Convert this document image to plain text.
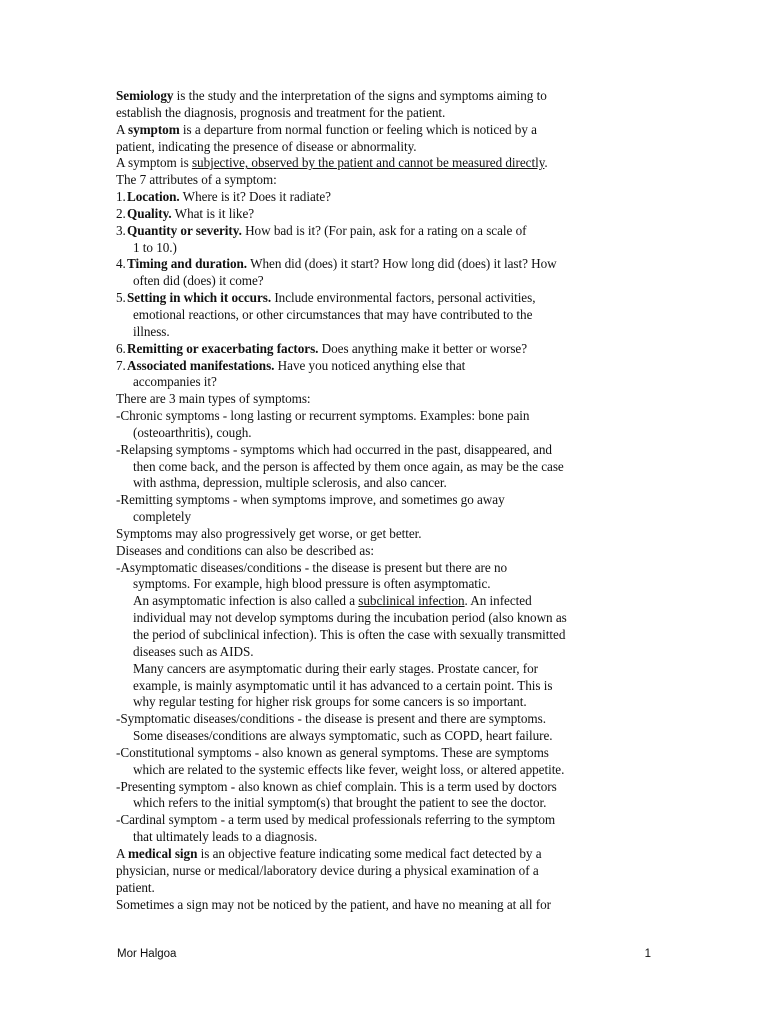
Semiology is the study and the interpretation of the signs and symptoms aiming to

establish the diagnosis, prognosis and treatment for the patient.

A symptom is a departure from normal function or feeling which is noticed by a

patient, indicating the presence of disease or abnormality.

A symptom is subjective, observed by the patient and cannot be measured directly.

The 7 attributes of a symptom:

1.Location. Where is it? Does it radiate?

2.Quality. What is it like?

3.Quantity or severity. How bad is it? (For pain, ask for a rating on a scale of

1 to 10.)

4.Timing and duration. When did (does) it start? How long did (does) it last? How

often did (does) it come?

5.Setting in which it occurs. Include environmental factors, personal activities,

emotional reactions, or other circumstances that may have contributed to the

illness.

6.Remitting or exacerbating factors. Does anything make it better or worse?

7.Associated manifestations. Have you noticed anything else that

accompanies it?

There are 3 main types of symptoms:

-Chronic symptoms - long lasting or recurrent symptoms. Examples: bone pain

(osteoarthritis), cough.

-Relapsing symptoms - symptoms which had occurred in the past, disappeared, and

then come back, and the person is affected by them once again, as may be the case

with asthma, depression, multiple sclerosis, and also cancer.

-Remitting symptoms - when symptoms improve, and sometimes go away

completely

Symptoms may also progressively get worse, or get better.

Diseases and conditions can also be described as:

-Asymptomatic diseases/conditions - the disease is present but there are no

symptoms. For example, high blood pressure is often asymptomatic.

An asymptomatic infection is also called a subclinical infection. An infected

individual may not develop symptoms during the incubation period (also known as

the period of subclinical infection). This is often the case with sexually transmitted

diseases such as AIDS.

Many cancers are asymptomatic during their early stages. Prostate cancer, for

example, is mainly asymptomatic until it has advanced to a certain point. This is

why regular testing for higher risk groups for some cancers is so important.

-Symptomatic diseases/conditions - the disease is present and there are symptoms.

Some diseases/conditions are always symptomatic, such as COPD, heart failure.

-Constitutional symptoms - also known as general symptoms. These are symptoms

which are related to the systemic effects like fever, weight loss, or altered appetite.

-Presenting symptom - also known as chief complain. This is a term used by doctors

which refers to the initial symptom(s) that brought the patient to see the doctor.

-Cardinal symptom - a term used by medical professionals referring to the symptom

that ultimately leads to a diagnosis.

A medical sign is an objective feature indicating some medical fact detected by a

physician, nurse or medical/laboratory device during a physical examination of a

patient.

Sometimes a sign may not be noticed by the patient, and have no meaning at all for

Mor Halgoa	1
